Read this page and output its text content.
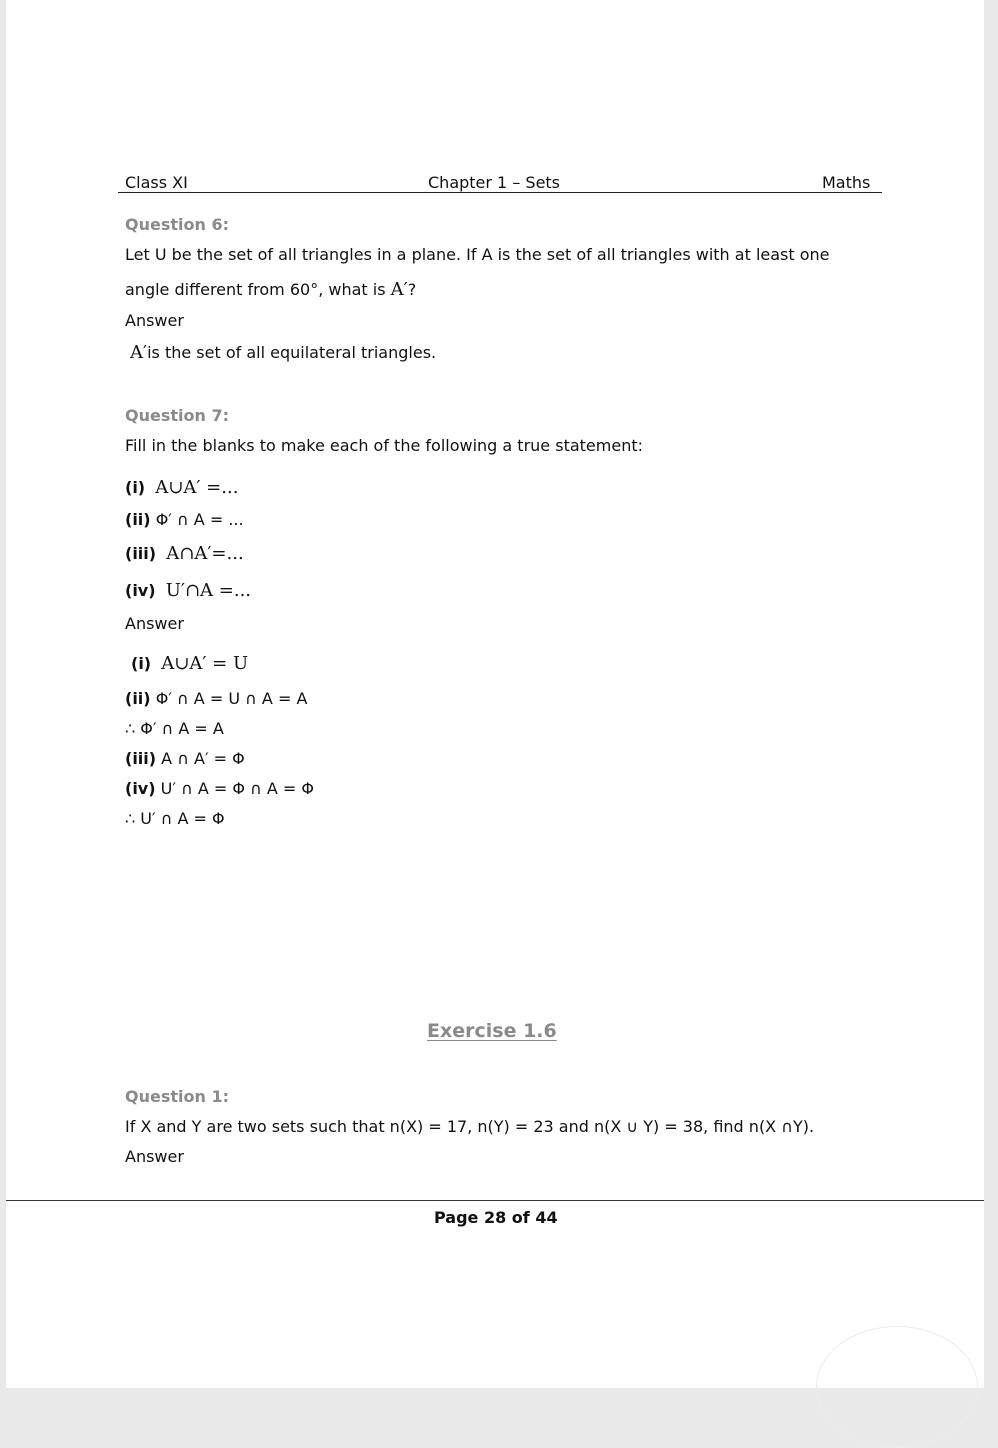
Class XI	Chapter 1 – Sets	Maths
Question 6:
Let U be the set of all triangles in a plane. If A is the set of all triangles with at least one
angle different from 60°, what is A′?
Answer
A′is the set of all equilateral triangles.
Question 7:
Fill in the blanks to make each of the following a true statement:
(i) A∪A′ =...
(ii) Φ′ ∩ A = ...
(iii) A∩A′=...
(iv) U′∩A =...
Answer
(i) A∪A′ = U
(ii) Φ′ ∩ A = U ∩ A = A
∴ Φ′ ∩ A = A
(iii) A ∩ A′ = Φ
(iv) U′ ∩ A = Φ ∩ A = Φ
∴ U′ ∩ A = Φ
Exercise 1.6
Question 1:
If X and Y are two sets such that n(X) = 17, n(Y) = 23 and n(X ∪ Y) = 38, find n(X ∩Y).
Answer
Page 28 of 44
